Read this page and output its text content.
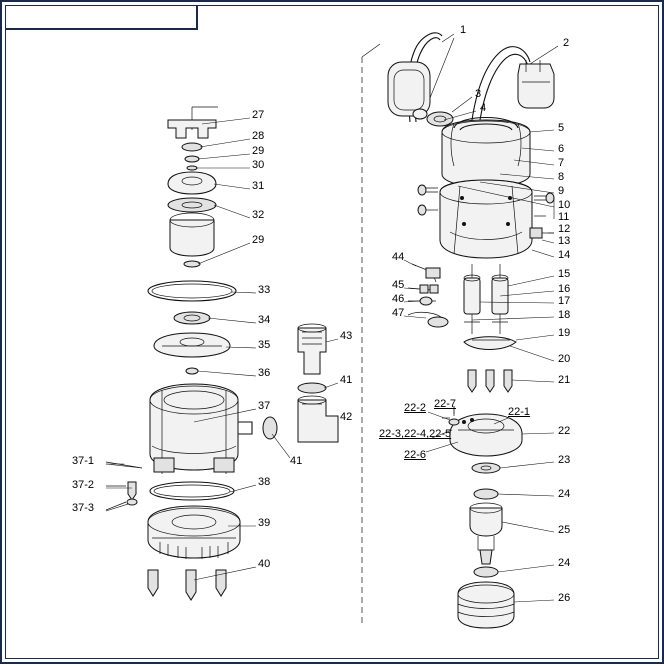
1
2
3
4
5
6
7
8
9
10
11
12
13
14
15
16
17
18
19
20
21
22
23
24
25
24
26
22-1
22-2 22-7
22-3,22-4,22-5
22-6
44
45
46
47
27
28
29
30
31
32
29
33
34
35
36
37
38
39
40
41
42
41
43
37-1
37-2
37-3
